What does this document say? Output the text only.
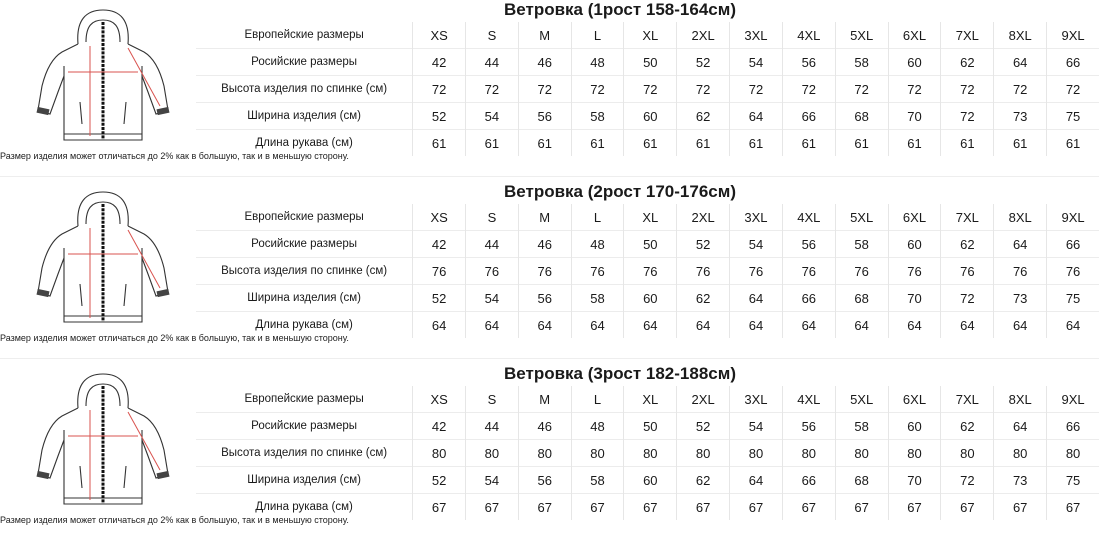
Ветровка (1рост 158-164см)
Европейские размеры	XS	S	M	L	XL	2XL	3XL	4XL	5XL	6XL	7XL	8XL	9XL
Росийские размеры	42	44	46	48	50	52	54	56	58	60	62	64	66
Высота изделия по спинке (см)	72	72	72	72	72	72	72	72	72	72	72	72	72
Ширина изделия (см)	52	54	56	58	60	62	64	66	68	70	72	73	75
Длина рукава (см)	61	61	61	61	61	61	61	61	61	61	61	61	61
Размер изделия может отличаться до 2% как в большую, так и в меньшую сторону.
Ветровка (2рост 170-176см)
Европейские размеры	XS	S	M	L	XL	2XL	3XL	4XL	5XL	6XL	7XL	8XL	9XL
Росийские размеры	42	44	46	48	50	52	54	56	58	60	62	64	66
Высота изделия по спинке (см)	76	76	76	76	76	76	76	76	76	76	76	76	76
Ширина изделия (см)	52	54	56	58	60	62	64	66	68	70	72	73	75
Длина рукава (см)	64	64	64	64	64	64	64	64	64	64	64	64	64
Размер изделия может отличаться до 2% как в большую, так и в меньшую сторону.
Ветровка (3рост 182-188см)
Европейские размеры	XS	S	M	L	XL	2XL	3XL	4XL	5XL	6XL	7XL	8XL	9XL
Росийские размеры	42	44	46	48	50	52	54	56	58	60	62	64	66
Высота изделия по спинке (см)	80	80	80	80	80	80	80	80	80	80	80	80	80
Ширина изделия (см)	52	54	56	58	60	62	64	66	68	70	72	73	75
Длина рукава (см)	67	67	67	67	67	67	67	67	67	67	67	67	67
Размер изделия может отличаться до 2% как в большую, так и в меньшую сторону.
